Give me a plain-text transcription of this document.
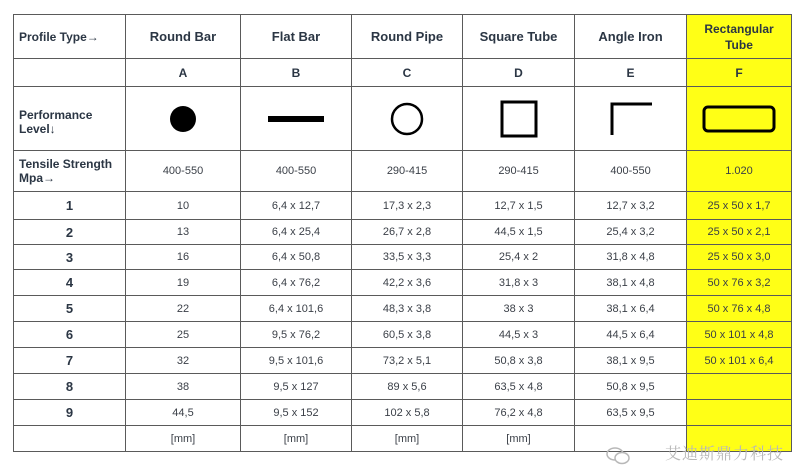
Profile Type→	Round Bar	Flat Bar	Round Pipe	Square Tube	Angle Iron	Rectangular Tube
	A	B	C	D	E	F
Performance Level↓	

Tensile Strength Mpa→	400-550	400-550	290-415	290-415	400-550	1.020
1	10	6,4 x 12,7	17,3 x 2,3	12,7 x 1,5	12,7 x 3,2	25 x 50 x 1,7
2	13	6,4 x 25,4	26,7 x 2,8	44,5 x 1,5	25,4 x 3,2	25 x 50 x 2,1
3	16	6,4 x 50,8	33,5 x 3,3	25,4 x 2	31,8 x 4,8	25 x 50 x 3,0
4	19	6,4 x 76,2	42,2 x 3,6	31,8 x 3	38,1 x 4,8	50 x 76 x 3,2
5	22	6,4 x 101,6	48,3 x 3,8	38 x 3	38,1 x 6,4	50 x 76 x 4,8
6	25	9,5 x 76,2	60,5 x 3,8	44,5 x 3	44,5 x 6,4	50 x 101 x 4,8
7	32	9,5 x 101,6	73,2 x 5,1	50,8 x 3,8	38,1 x 9,5	50 x 101 x 6,4
8	38	9,5 x 127	89 x 5,6	63,5 x 4,8	50,8 x 9,5	
9	44,5	9,5 x 152	102 x 5,8	76,2 x 4,8	63,5 x 9,5	
	[mm]	[mm]	[mm]	[mm]		
艾迪斯鼎力科技
